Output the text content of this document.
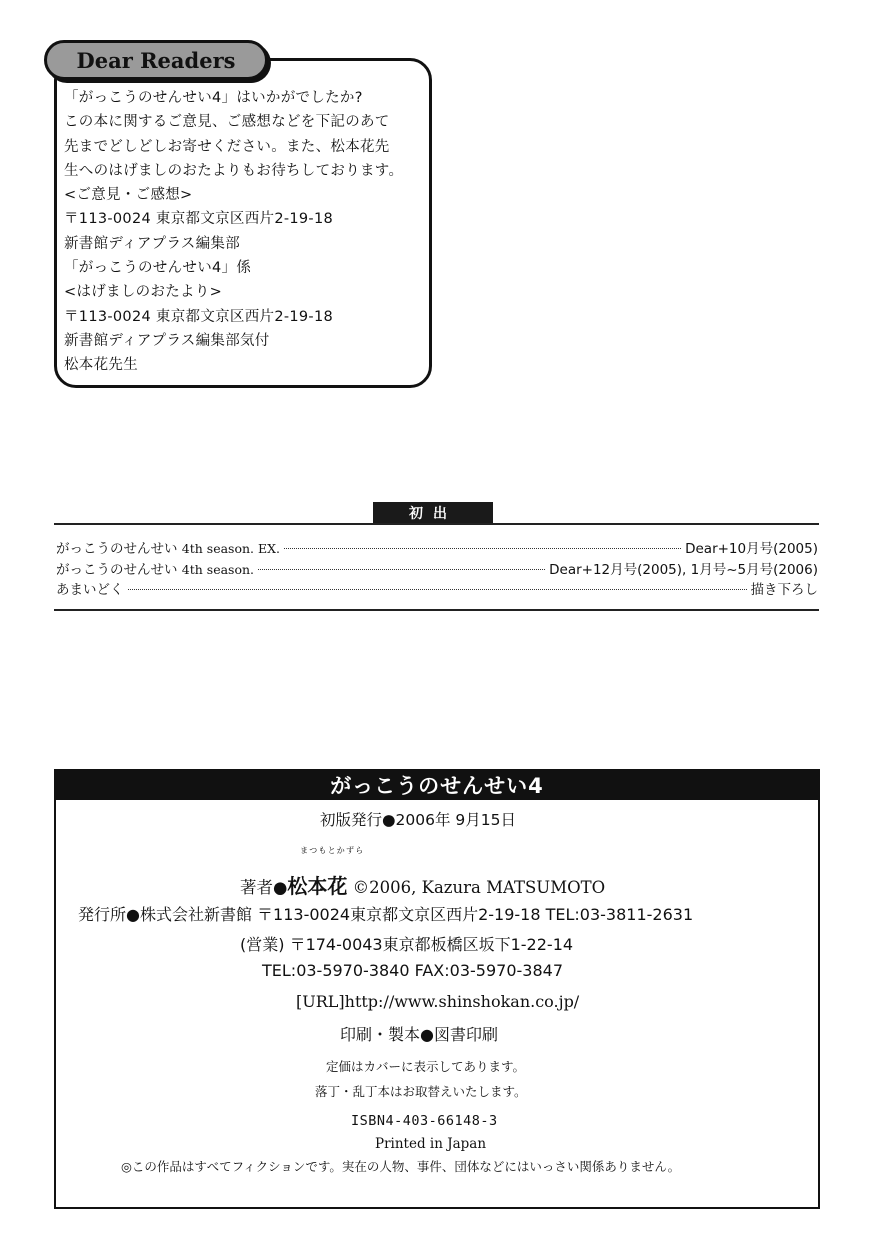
Dear Readers
「がっこうのせんせい4」はいかがでしたか?
この本に関するご意見、ご感想などを下記のあて
先までどしどしお寄せください。また、松本花先
生へのはげましのおたよりもお待ちしております。
<ご意見・ご感想>
〒113-0024 東京都文京区西片2-19-18
新書館ディアプラス編集部
「がっこうのせんせい4」係
<はげましのおたより>
〒113-0024 東京都文京区西片2-19-18
新書館ディアプラス編集部気付
松本花先生
初出
がっこうのせんせい 4th season. EX.	Dear+10月号(2005)
がっこうのせんせい 4th season.	Dear+12月号(2005), 1月号~5月号(2006)
あまいどく	描き下ろし
がっこうのせんせい4
初版発行●2006年 9月15日
まつもとかずら
著者●松本花 ©2006, Kazura MATSUMOTO
発行所●株式会社新書館 〒113-0024東京都文京区西片2-19-18 TEL:03-3811-2631
(営業) 〒174-0043東京都板橋区坂下1-22-14
TEL:03-5970-3840 FAX:03-5970-3847
[URL]http://www.shinshokan.co.jp/
印刷・製本●図書印刷
定価はカバーに表示してあります。
落丁・乱丁本はお取替えいたします。
ISBN4-403-66148-3
Printed in Japan
◎この作品はすべてフィクションです。実在の人物、事件、団体などにはいっさい関係ありません。
